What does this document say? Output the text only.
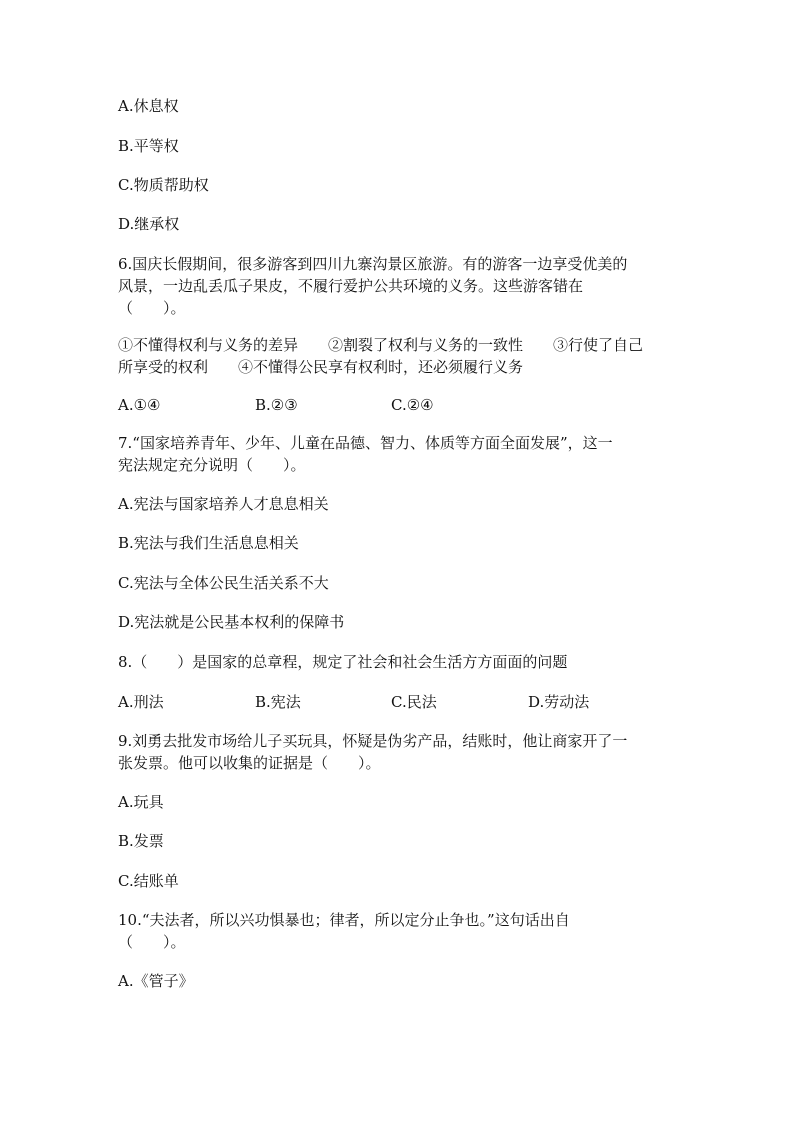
A.休息权

B.平等权

C.物质帮助权

D.继承权

6.国庆长假期间，很多游客到四川九寨沟景区旅游。有的游客一边享受优美的

风景，一边乱丢瓜子果皮，不履行爱护公共环境的义务。这些游客错在

（　　）。

①不懂得权利与义务的差异　　②割裂了权利与义务的一致性　　③行使了自己

所享受的权利　　④不懂得公民享有权利时，还必须履行义务

A.①④	B.②③	C.②④

7.“国家培养青年、少年、儿童在品德、智力、体质等方面全面发展”，这一

宪法规定充分说明（　　）。

A.宪法与国家培养人才息息相关

B.宪法与我们生活息息相关

C.宪法与全体公民生活关系不大

D.宪法就是公民基本权利的保障书

8.（　　）是国家的总章程，规定了社会和社会生活方方面面的问题

A.刑法	B.宪法	C.民法	D.劳动法

9.刘勇去批发市场给儿子买玩具，怀疑是伪劣产品，结账时，他让商家开了一

张发票。他可以收集的证据是（　　）。

A.玩具

B.发票

C.结账单

10.“夫法者，所以兴功惧暴也；律者，所以定分止争也。”这句话出自

（　　）。

A.《管子》
